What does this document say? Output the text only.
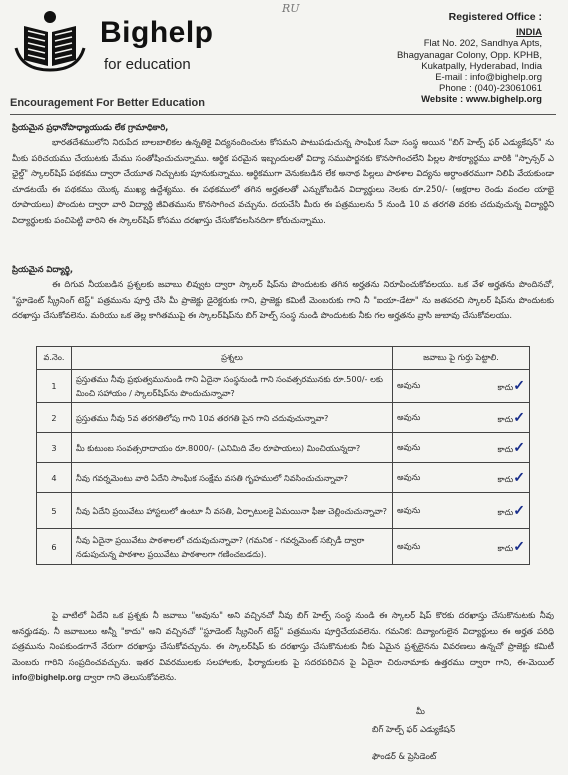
RU
Bighelp
for education
Encouragement For Better Education
Registered Office :
INDIA
Flat No. 202, Sandhya Apts,
Bhagyanagar Colony, Opp. KPHB,
Kukatpally, Hyderabad, India
E-mail : info@bighelp.org
Phone : (040)-23061061
Website : www.bighelp.org
ప్రియమైన ప్రధానోపాధ్యాయుడు లేక గ్రామాధికారి,
భారతదేశములోని నిరుపేద బాలబాలికల ఉన్నతికై విద్యనందించుట కోసమని పాటుపడుచున్న సాంఘిక సేవా సంస్థ అయిన "బిగ్ హెల్ప్ ఫర్ ఎడ్యుకేషన్" ను మీకు పరిచయము చేయుటకు మేము సంతోషించుచున్నాము. ఆర్థిక పరమైన ఇబ్బందులతో విద్యా సముపార్జనకు కొనసాగించలేని పిల్లల సౌకర్యార్థము వారికి "స్పాన్సర్ ఎ ఛైల్డ్" స్కాలర్‌షిప్ పథకము ద్వారా చేయూత నిచ్చుటకు పూనుకున్నాము. ఆర్థికముగా వెనుకబడిన లేక అనాథ పిల్లలు పాఠశాల విద్యను అర్ధాంతరముగా నిలిపి వేయకుండా చూడటయే ఈ పథకము యొక్క ముఖ్య ఉద్దేశ్యము. ఈ పథకములో తగిన అర్హతలతో ఎన్నుకోబడిన విద్యార్థులు నెలకు రూ.250/- (అక్షరాల రెండు వందల యాభై రూపాయలు) పొందుట ద్వారా వారి విద్యార్థి జీవితమును కొనసాగించ వచ్చును. దయచేసి మీరు ఈ పత్రములను 5 నుండి 10 వ తరగతి వరకు చదువుచున్న విద్యార్థిని విద్యార్థులకు పంచిపెట్టి వారిని ఈ స్కాలర్‌షిప్ కోసము దరఖాస్తు చేసుకోవలసినదిగా కోరుచున్నాము.
ప్రియమైన విద్యార్థి,
ఈ దిగువ నీయబడిన ప్రశ్నలకు జవాబు లివ్వుట ద్వారా స్కాలర్ షిప్‌ను పొందుటకు తగిన అర్హతను నిరూపించుకోవలయు. ఒక వేళ అర్హతను పొందినచో, "స్టూడెంట్ స్క్రీనింగ్ టెస్ట్" పత్రమును పూర్తి చేసి మీ ప్రాజెక్టు డైరెక్టరుకు గాని, ప్రాజెక్టు కమిటీ మెంబరుకు గాని నీ "ఐయా-డేటా" ను జతపరచి స్కాలర్ షిప్‌ను పొందుటకు దరఖాస్తు చేసుకోవలెను. మరియు ఒక తెల్ల కాగితముపై ఈ స్కాలర్‌షిప్‌ను బిగ్ హెల్ప్ సంస్థ నుండి పొందుటకు నీకు గల అర్హతను వ్రాసి జుబావు చేసుకోవలయు.
వ.నెం.	ప్రశ్నలు	జవాబు పై గుర్తు పెట్టాలి.
1	ప్రస్తుతము నీవు ప్రభుత్వమునుండి గాని ఏదైనా సంస్థనుండి గాని సంవత్సరమునకు రూ.500/- లకు మించి సహాయం / స్కాలర్‌షిప్‌ను పొందుచున్నావా?	అవును కాదు✓

2	ప్రస్తుతము నీవు 5వ తరగతిలోపు గాని 10వ తరగతి పైన గాని చదువుచున్నావా?	అవును కాదు✓

3	మీ కుటుంబ సంవత్సరాదాయం రూ.8000/- (ఎనిమిది వేల రూపాయలు) మించియున్నదా?	అవును కాదు✓

4	నీవు గవర్నమెంటు వారి ఏదేని సాంఘిక సంక్షేమ వసతి గృహములో నివసించుచున్నావా?	అవును కాదు✓

5	నీవు ఏదేని ప్రయివేటు హాస్టలులో ఉంటూ నీ వసతి, ఏర్పాటులకై ఏమయినా ఫీజు చెల్లించుచున్నావా?	అవును కాదు✓

6	నీవు ఏదైనా ప్రయివేటు పాఠశాలలో చదువుచున్నావా? (గమనిక - గవర్నమెంట్ సబ్సిడీ ద్వారా నడుపుచున్న పాఠశాల ప్రయివేటు పాఠశాలగా గణించబడదు).	అవును కాదు✓
పై వాటిలో ఏదేని ఒక ప్రశ్నకు నీ జవాబు "అవును" అని వచ్చినచో నీవు బిగ్ హెల్ప్ సంస్థ నుండి ఈ స్కాలర్ షిప్ కొరకు దరఖాస్తు చేసుకొనుటకు నీవు అనర్హుడవు. నీ జవాబులు అన్నీ "కాదు" అని వచ్చినచో "స్టూడెంట్ స్క్రీనింగ్ టెస్ట్" పత్రమును పూర్తిచేయవలెను. గమనిక: దివ్యాంగులైన విద్యార్థులు ఈ అర్హత పరిధి పత్రమును నింపకుండగానే నేరుగా దరఖాస్తు చేసుకోవచ్చును. ఈ స్కాలర్‌షిప్ కు దరఖాస్తు చేసుకొనుటకు నీకు ఏమైన ప్రశ్నలైనను వివరణలు ఉన్నచో ప్రాజెక్టు కమిటీ మెంబరు గారిని సంప్రదించవచ్చును. ఇతర వివరములకు సలహాలకు, ఫిర్యాదులకు పై సదరపరిచిన పై ఏదైనా చిరునామాకు ఉత్తరము ద్వారా గాని, ఈ-మెయిల్ info@bighelp.org ద్వారా గాని తెలుసుకోవలెను.
మీ
బిగ్ హెల్ప్ ఫర్ ఎడ్యుకేషన్
ఫౌండర్ & ప్రెసిడెంట్
